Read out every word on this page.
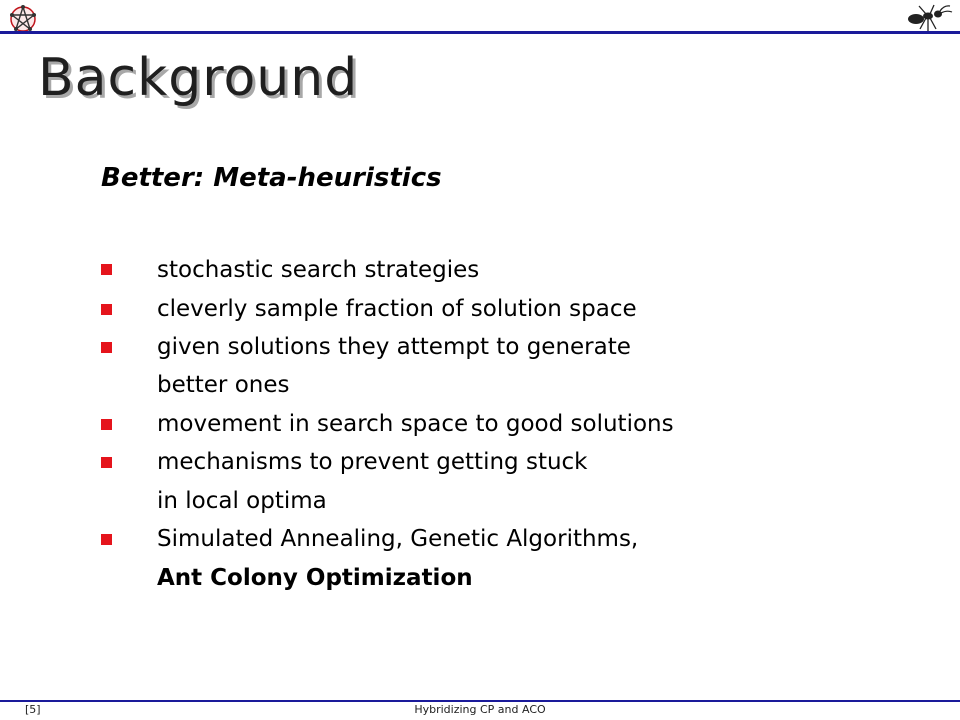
Background
Better: Meta-heuristics
stochastic search strategies
cleverly sample fraction of solution space
given solutions they attempt to generate
better ones
movement in search space to good solutions
mechanisms to prevent getting stuck
in local optima
Simulated Annealing, Genetic Algorithms,
Ant Colony Optimization
[5]	Hybridizing CP and ACO
